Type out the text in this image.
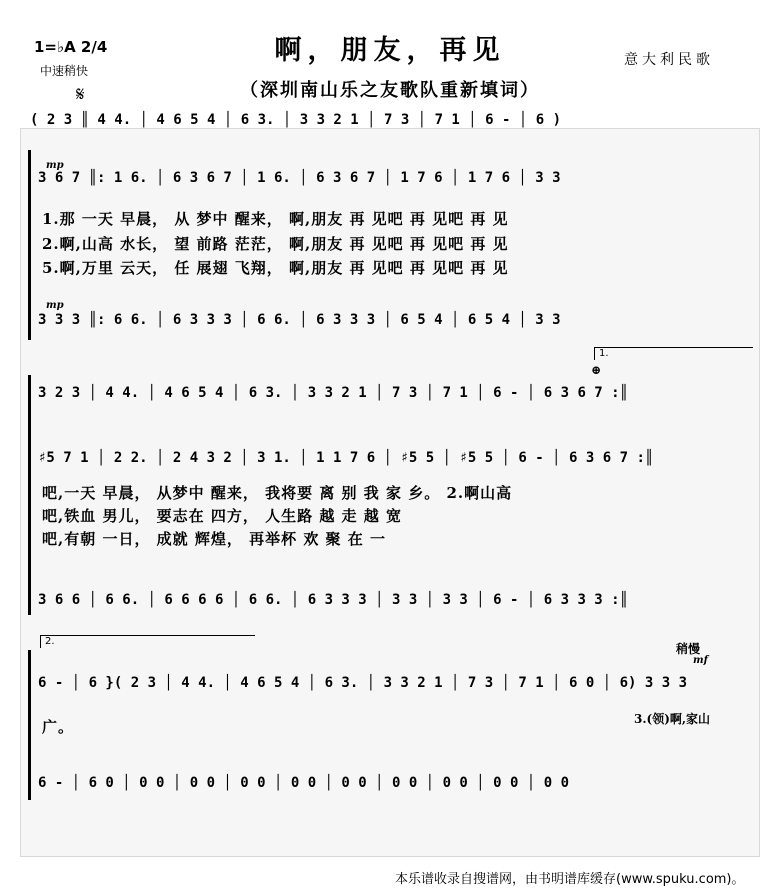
啊，朋友，再见
（深圳南山乐之友歌队重新填词）
意大利民歌
1=♭A 2/4
中速稍快
𝄋
mp
mp
1.
⊕
2.
稍慢
mf
( 2 3 ║ 4 4. │ 4 6 5 4 │ 6 3. │ 3 3 2 1 │ 7 3 │ 7 1 │ 6 - │ 6 )
3 6 7 ║: 1 6. │ 6 3 6 7 │ 1 6. │ 6 3 6 7 │ 1 7 6 │ 1 7 6 │ 3 3
3 3 3 ║: 6 6. │ 6 3 3 3 │ 6 6. │ 6 3 3 3 │ 6 5 4 │ 6 5 4 │ 3 3
3 2 3 │ 4 4. │ 4 6 5 4 │ 6 3. │ 3 3 2 1 │ 7 3 │ 7 1 │ 6 - │ 6 3 6 7 :║
♯5 7 1 │ 2 2. │ 2 4 3 2 │ 3 1. │ 1 1 7 6 │ ♯5 5 │ ♯5 5 │ 6 - │ 6 3 6 7 :║
3 6 6 │ 6 6. │ 6 6 6 6 │ 6 6. │ 6 3 3 3 │ 3 3 │ 3 3 │ 6 - │ 6 3 3 3 :║
6 - │ 6 }( 2 3 │ 4 4. │ 4 6 5 4 │ 6 3. │ 3 3 2 1 │ 7 3 │ 7 1 │ 6 0 │ 6) 3 3 3
6 - │ 6 0 │ 0 0 │ 0 0 │ 0 0 │ 0 0 │ 0 0 │ 0 0 │ 0 0 │ 0 0 │ 0 0
1.那 一天 早晨， 从 梦中 醒来， 啊,朋友 再 见吧 再 见吧 再 见
2.啊,山高 水长， 望 前路 茫茫， 啊,朋友 再 见吧 再 见吧 再 见
5.啊,万里 云天， 任 展翅 飞翔， 啊,朋友 再 见吧 再 见吧 再 见
吧,一天 早晨， 从梦中 醒来， 我将要 离 别 我 家 乡。 2.啊山高
吧,铁血 男儿， 要志在 四方， 人生路 越 走 越 宽
吧,有朝 一日， 成就 辉煌， 再举杯 欢 聚 在 一
广。	3.(领)啊,家山
本乐谱收录自搜谱网，由书明谱库缓存(www.spuku.com)。
